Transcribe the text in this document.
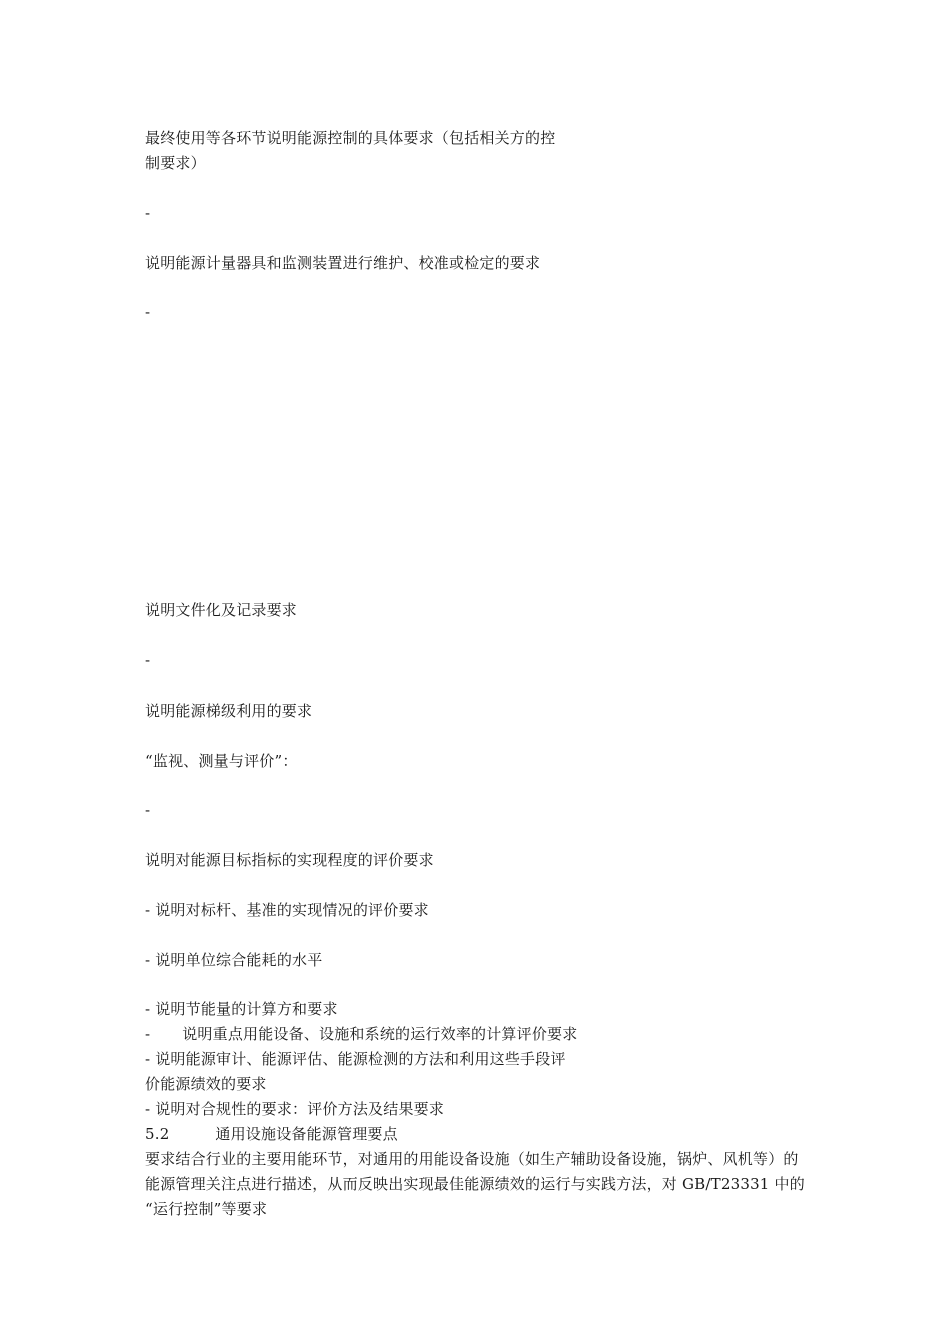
最终使用等各环节说明能源控制的具体要求（包括相关方的控
制要求）
-
说明能源计量器具和监测装置进行维护、校准或检定的要求
-
说明文件化及记录要求
-
说明能源梯级利用的要求
“监视、测量与评价”：
-
说明对能源目标指标的实现程度的评价要求
- 说明对标杆、基准的实现情况的评价要求
- 说明单位综合能耗的水平
- 说明节能量的计算方和要求
- 说明重点用能设备、设施和系统的运行效率的计算评价要求
- 说明能源审计、能源评估、能源检测的方法和利用这些手段评
价能源绩效的要求
- 说明对合规性的要求：评价方法及结果要求
5.2	通用设施设备能源管理要点
要求结合行业的主要用能环节，对通用的用能设备设施（如生产辅助设备设施，锅炉、风机等）的
能源管理关注点进行描述，从而反映出实现最佳能源绩效的运行与实践方法，对 GB/T23331 中的
“运行控制”等要求
